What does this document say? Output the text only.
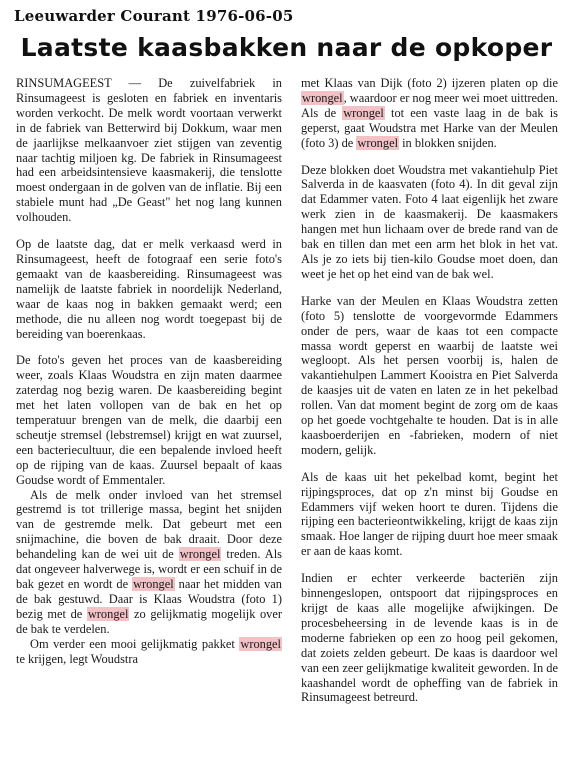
Leeuwarder Courant 1976-06-05
Laatste kaasbakken naar de opkoper

RINSUMAGEEST — De zuivelfabriek in Rinsumageest is gesloten en fabriek en inventaris worden verkocht. De melk wordt voortaan verwerkt in de fabriek van Betterwird bij Dokkum, waar men de jaarlijkse melkaanvoer ziet stijgen van zeventig naar tachtig miljoen kg. De fabriek in Rinsumageest had een arbeidsintensieve kaasmakerij, die tenslotte moest ondergaan in de golven van de inflatie. Bij een stabiele munt had „De Geast" het nog lang kunnen volhouden.

Op de laatste dag, dat er melk verkaasd werd in Rinsumageest, heeft de fotograaf een serie foto's gemaakt van de kaasbereiding. Rinsumageest was namelijk de laatste fabriek in noordelijk Nederland, waar de kaas nog in bakken gemaakt werd; een methode, die nu alleen nog wordt toegepast bij de bereiding van boerenkaas.

De foto's geven het proces van de kaasbereiding weer, zoals Klaas Woudstra en zijn maten daarmee zaterdag nog bezig waren. De kaasbereiding begint met het laten vollopen van de bak en het op temperatuur brengen van de melk, die daarbij een scheutje stremsel (lebstremsel) krijgt en wat zuursel, een bacteriecultuur, die een bepalende invloed heeft op de rijping van de kaas. Zuursel bepaalt of kaas Goudse wordt of Emmentaler.

Als de melk onder invloed van het stremsel gestremd is tot trillerige massa, begint het snijden van de gestremde melk. Dat gebeurt met een snijmachine, die boven de bak draait. Door deze behandeling kan de wei uit de wrongel treden. Als dat ongeveer halverwege is, wordt er een schuif in de bak gezet en wordt de wrongel naar het midden van de bak gestuwd. Daar is Klaas Woudstra (foto 1) bezig met de wrongel zo gelijkmatig mogelijk over de bak te verdelen.

Om verder een mooi gelijkmatig pakket wrongel te krijgen, legt Woudstra

met Klaas van Dijk (foto 2) ijzeren platen op die wrongel, waardoor er nog meer wei moet uittreden. Als de wrongel tot een vaste laag in de bak is geperst, gaat Woudstra met Harke van der Meulen (foto 3) de wrongel in blokken snijden.

Deze blokken doet Woudstra met vakantiehulp Piet Salverda in de kaasvaten (foto 4). In dit geval zijn dat Edammer vaten. Foto 4 laat eigenlijk het zware werk zien in de kaasmakerij. De kaasmakers hangen met hun lichaam over de brede rand van de bak en tillen dan met een arm het blok in het vat. Als je zo iets bij tien-kilo Goudse moet doen, dan weet je het op het eind van de bak wel.

Harke van der Meulen en Klaas Woudstra zetten (foto 5) tenslotte de voorgevormde Edammers onder de pers, waar de kaas tot een compacte massa wordt geperst en waarbij de laatste wei wegloopt. Als het persen voorbij is, halen de vakantiehulpen Lammert Kooistra en Piet Salverda de kaasjes uit de vaten en laten ze in het pekelbad rollen. Van dat moment begint de zorg om de kaas op het goede vochtgehalte te houden. Dat is in alle kaasboerderijen en -fabrieken, modern of niet modern, gelijk.

Als de kaas uit het pekelbad komt, begint het rijpingsproces, dat op z'n minst bij Goudse en Edammers vijf weken hoort te duren. Tijdens die rijping een bacterieontwikkeling, krijgt de kaas zijn smaak. Hoe langer de rijping duurt hoe meer smaak er aan de kaas komt.

Indien er echter verkeerde bacteriën zijn binnengeslopen, ontspoort dat rijpingsproces en krijgt de kaas alle mogelijke afwijkingen. De procesbeheersing in de levende kaas is in de moderne fabrieken op een zo hoog peil gekomen, dat zoiets zelden gebeurt. De kaas is daardoor wel van een zeer gelijkmatige kwaliteit geworden. In de kaashandel wordt de opheffing van de fabriek in Rinsumageest betreurd.
